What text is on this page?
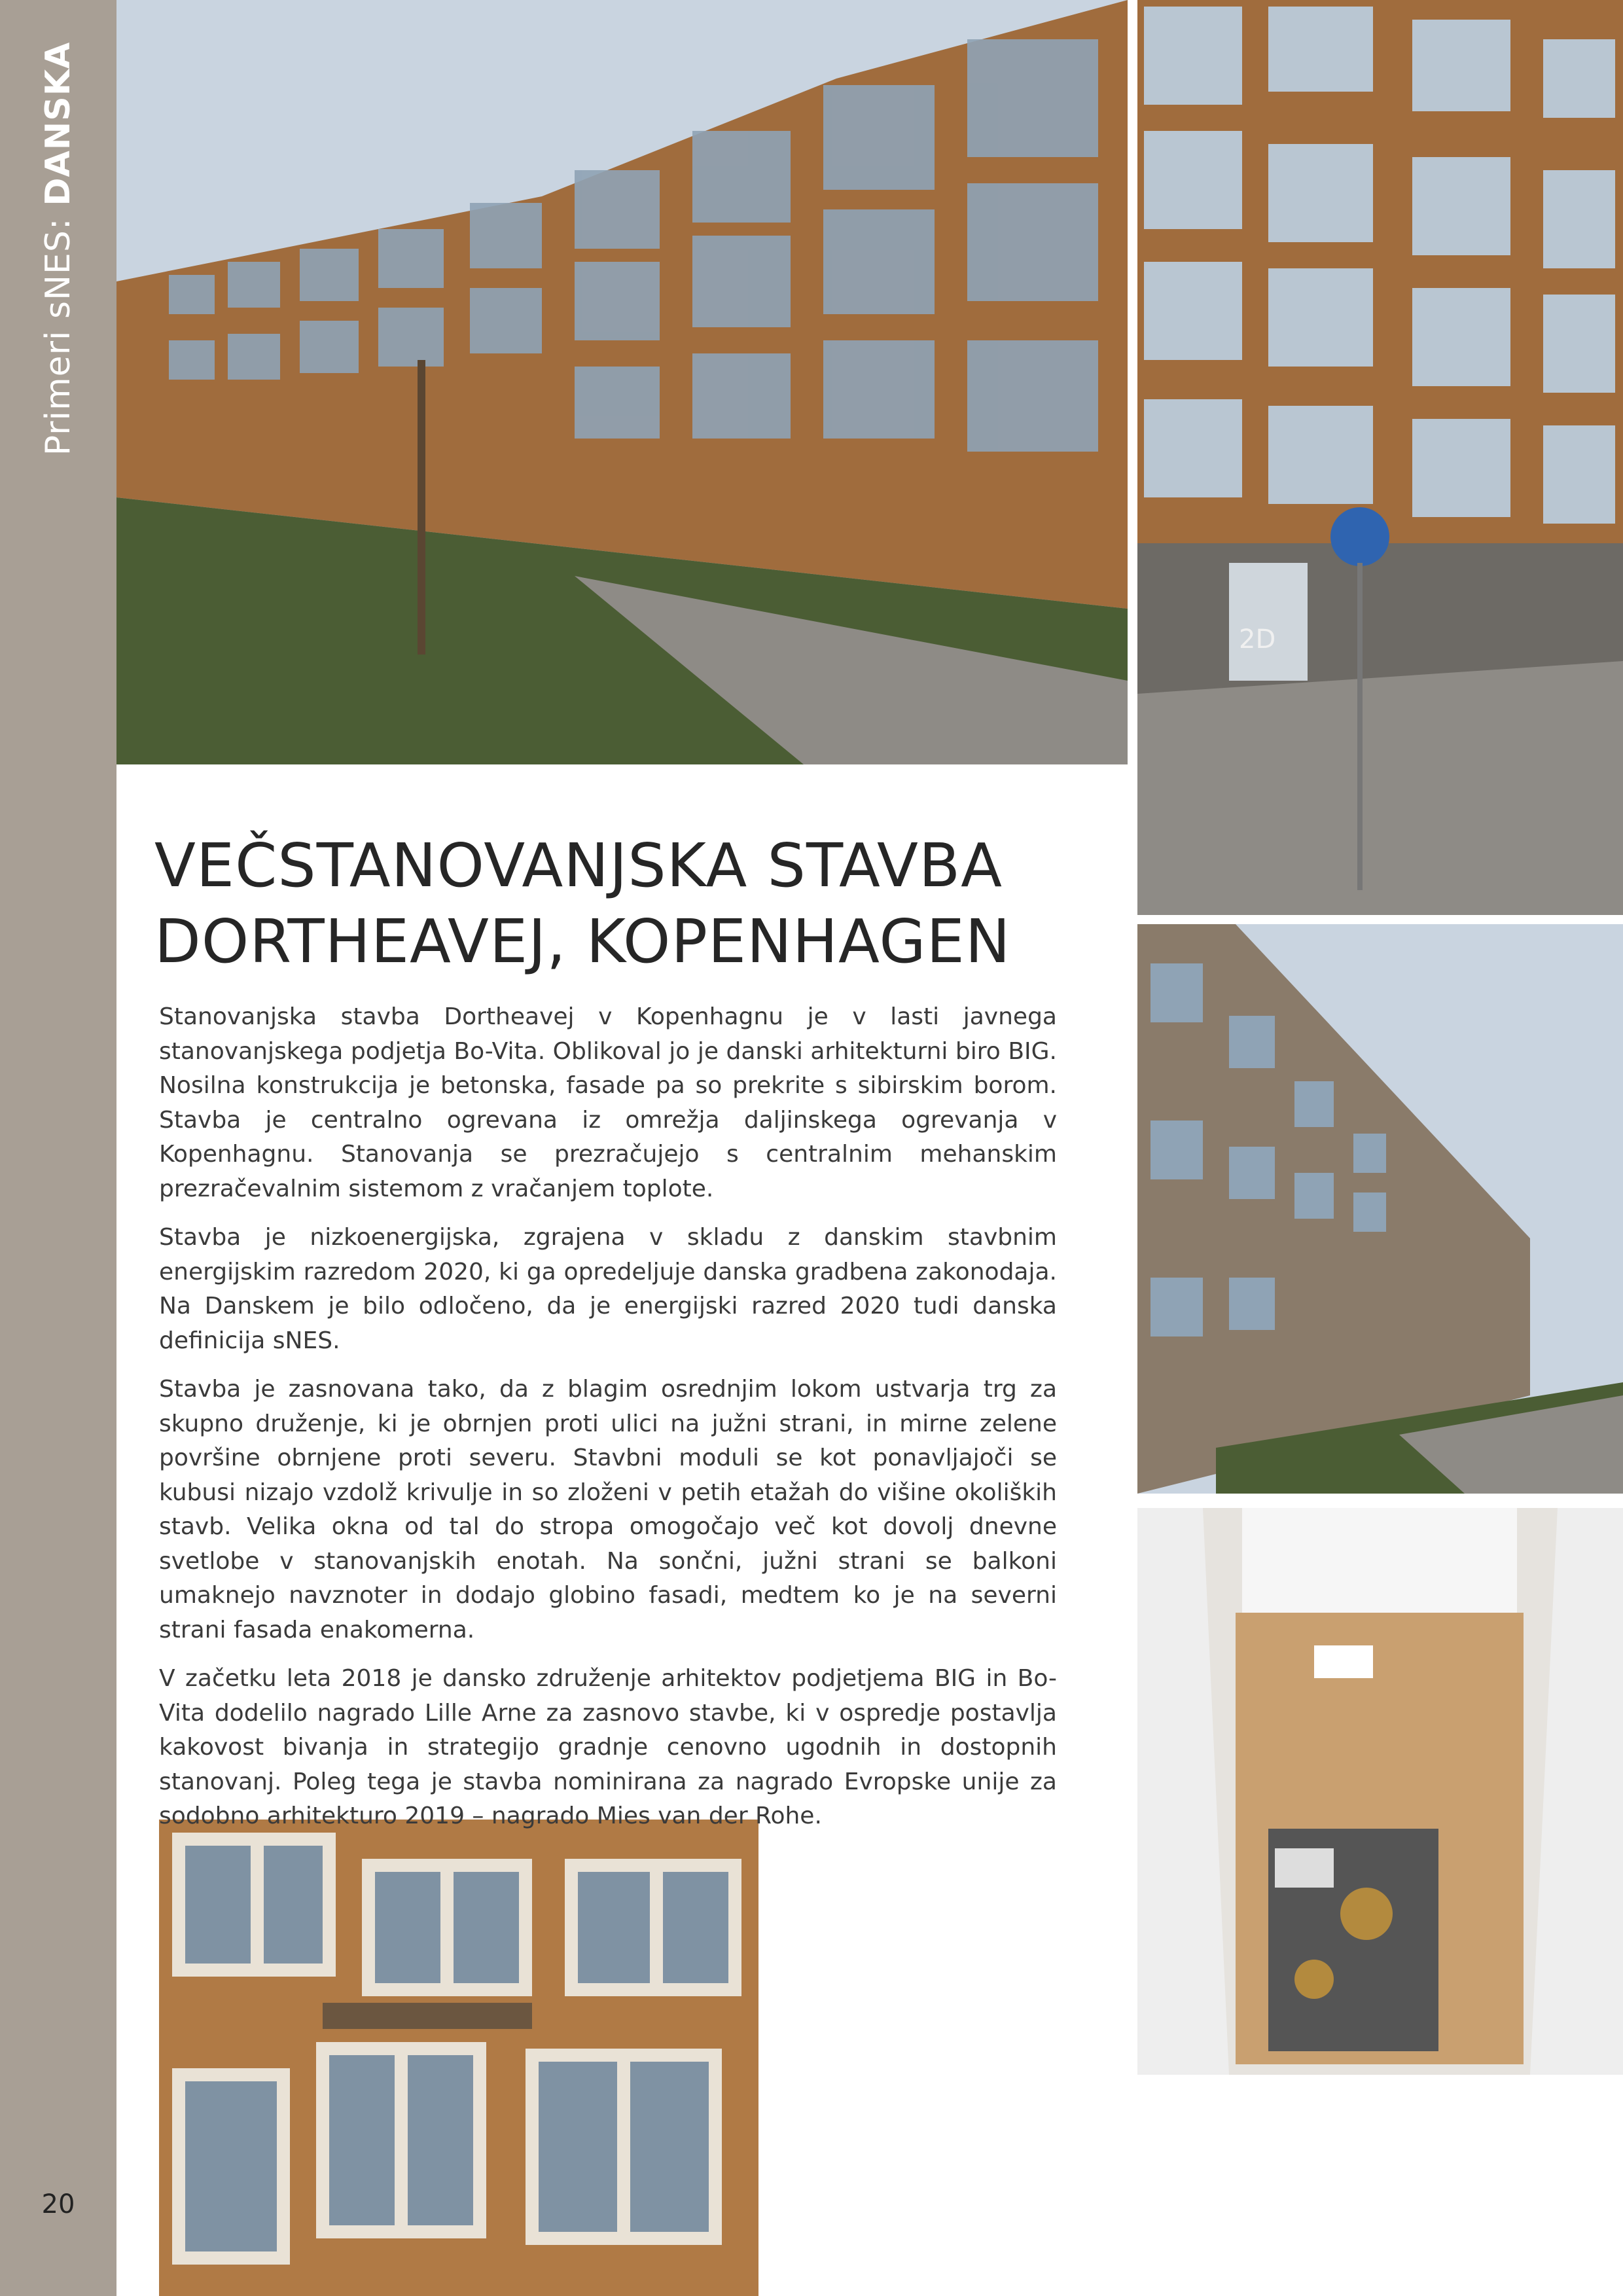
Primeri sNES:DANSKA
20
2D
VEČSTANOVANJSKA STAVBA
DORTHEAVEJ, KOPENHAGEN

Stanovanjska stavba Dortheavej v Kopenhagnu je v lasti javnega stanovanjskega podjetja Bo-Vita. Oblikoval jo je danski arhitekturni biro BIG. Nosilna konstrukcija je betonska, fasade pa so prekrite s sibirskim borom. Stavba je centralno ogrevana iz omrežja daljinskega ogrevanja v Kopenhagnu. Stanovanja se prezračujejo s centralnim mehanskim prezračevalnim sistemom z vračanjem toplote.

Stavba je nizkoenergijska, zgrajena v skladu z danskim stavbnim energijskim razredom 2020, ki ga opredeljuje danska gradbena zakonodaja. Na Danskem je bilo odločeno, da je energijski razred 2020 tudi danska definicija sNES.

Stavba je zasnovana tako, da z blagim osrednjim lokom ustvarja trg za skupno druženje, ki je obrnjen proti ulici na južni strani, in mirne zelene površine obrnjene proti severu. Stavbni moduli se kot ponavljajoči se kubusi nizajo vzdolž krivulje in so zloženi v petih etažah do višine okoliških stavb. Velika okna od tal do stropa omogočajo več kot dovolj dnevne svetlobe v stanovanjskih enotah. Na sončni, južni strani se balkoni umaknejo navznoter in dodajo globino fasadi, medtem ko je na severni strani fasada enakomerna.

V začetku leta 2018 je dansko združenje arhitektov podjetjema BIG in Bo-Vita dodelilo nagrado Lille Arne za zasnovo stavbe, ki v ospredje postavlja kakovost bivanja in strategijo gradnje cenovno ugodnih in dostopnih stanovanj. Poleg tega je stavba nominirana za nagrado Evropske unije za sodobno arhitekturo 2019 – nagrado Mies van der Rohe.
